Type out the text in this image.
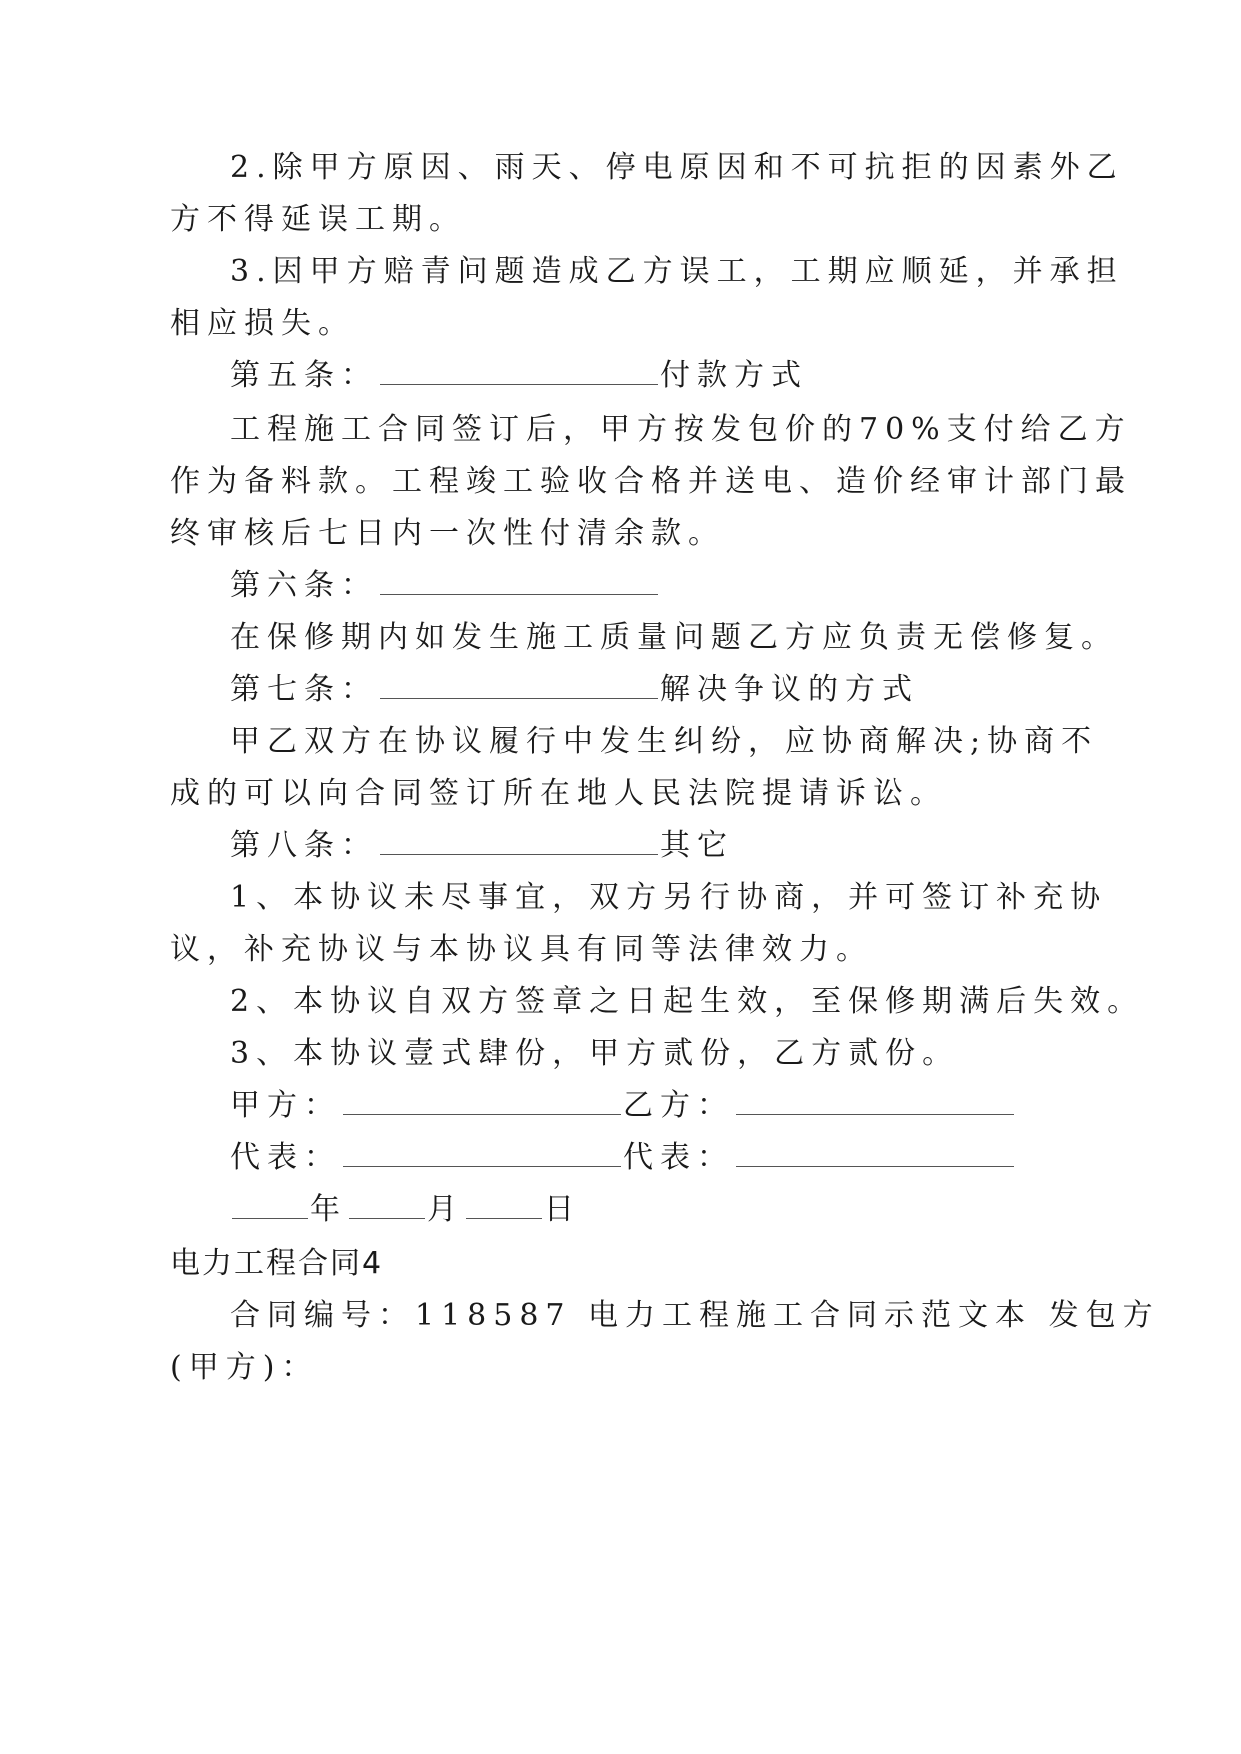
2.除甲方原因、雨天、停电原因和不可抗拒的因素外乙
方不得延误工期。
3.因甲方赔青问题造成乙方误工，工期应顺延，并承担
相应损失。
第五条：	付款方式
工程施工合同签订后，甲方按发包价的70%支付给乙方
作为备料款。工程竣工验收合格并送电、造价经审计部门最
终审核后七日内一次性付清余款。
第六条：
在保修期内如发生施工质量问题乙方应负责无偿修复。
第七条：	解决争议的方式
甲乙双方在协议履行中发生纠纷，应协商解决;协商不
成的可以向合同签订所在地人民法院提请诉讼。
第八条：	其它
1、本协议未尽事宜，双方另行协商，并可签订补充协
议，补充协议与本协议具有同等法律效力。
2、本协议自双方签章之日起生效，至保修期满后失效。
3、本协议壹式肆份，甲方贰份，乙方贰份。
甲方：	乙方：
代表：	代表：
年	月	日
电力工程合同4
合同编号：118587 电力工程施工合同示范文本 发包方
(甲方)：
